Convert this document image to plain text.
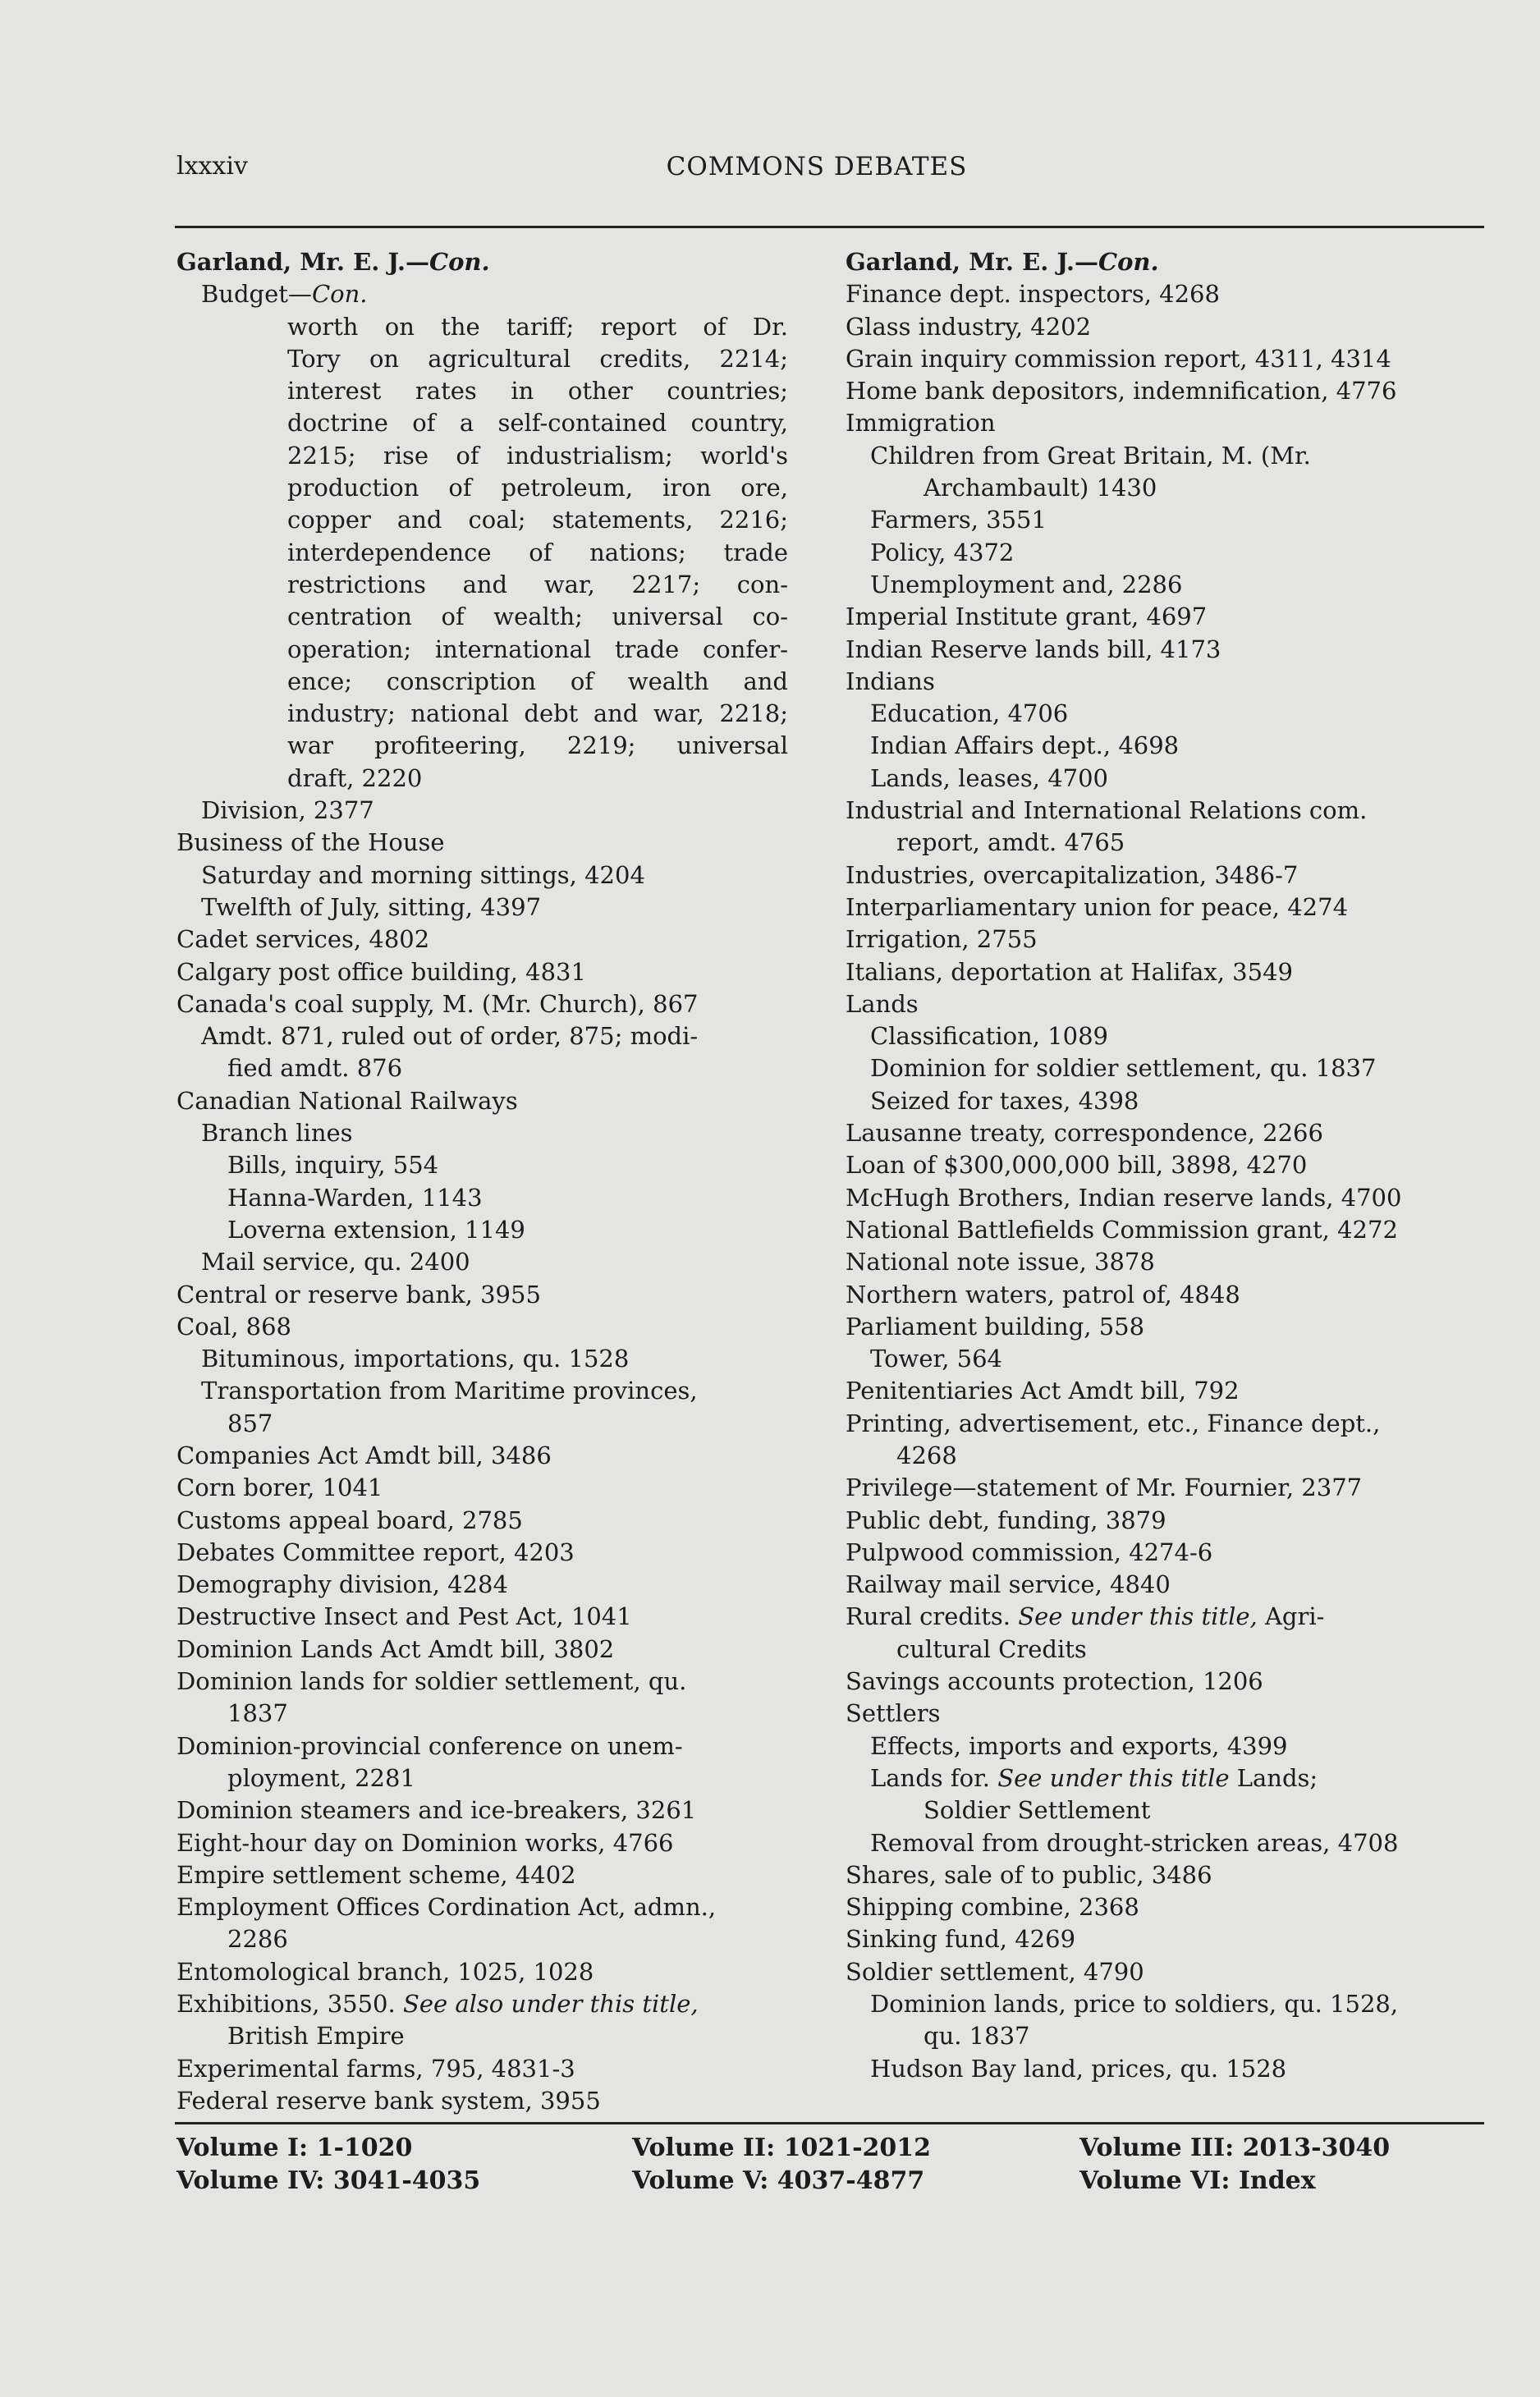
lxxxiv	COMMONS DEBATES
Garland, Mr. E. J.—Con.
Budget—Con.
worth on the tariff; report of Dr.
Tory on agricultural credits, 2214;
interest rates in other countries;
doctrine of a self-contained country,
2215; rise of industrialism; world's
production of petroleum, iron ore,
copper and coal; statements, 2216;
interdependence of nations; trade
restrictions and war, 2217; con-
centration of wealth; universal co-
operation; international trade confer-
ence; conscription of wealth and
industry; national debt and war, 2218;
war profiteering, 2219; universal
draft, 2220
Division, 2377
Business of the House
Saturday and morning sittings, 4204
Twelfth of July, sitting, 4397
Cadet services, 4802
Calgary post office building, 4831
Canada's coal supply, M. (Mr. Church), 867
Amdt. 871, ruled out of order, 875; modi-
fied amdt. 876
Canadian National Railways
Branch lines
Bills, inquiry, 554
Hanna-Warden, 1143
Loverna extension, 1149
Mail service, qu. 2400
Central or reserve bank, 3955
Coal, 868
Bituminous, importations, qu. 1528
Transportation from Maritime provinces,
857
Companies Act Amdt bill, 3486
Corn borer, 1041
Customs appeal board, 2785
Debates Committee report, 4203
Demography division, 4284
Destructive Insect and Pest Act, 1041
Dominion Lands Act Amdt bill, 3802
Dominion lands for soldier settlement, qu.
1837
Dominion-provincial conference on unem-
ployment, 2281
Dominion steamers and ice-breakers, 3261
Eight-hour day on Dominion works, 4766
Empire settlement scheme, 4402
Employment Offices Cordination Act, admn.,
2286
Entomological branch, 1025, 1028
Exhibitions, 3550. See also under this title,
British Empire
Experimental farms, 795, 4831-3
Federal reserve bank system, 3955
Garland, Mr. E. J.—Con.
Finance dept. inspectors, 4268
Glass industry, 4202
Grain inquiry commission report, 4311, 4314
Home bank depositors, indemnification, 4776
Immigration
Children from Great Britain, M. (Mr.
Archambault) 1430
Farmers, 3551
Policy, 4372
Unemployment and, 2286
Imperial Institute grant, 4697
Indian Reserve lands bill, 4173
Indians
Education, 4706
Indian Affairs dept., 4698
Lands, leases, 4700
Industrial and International Relations com.
report, amdt. 4765
Industries, overcapitalization, 3486-7
Interparliamentary union for peace, 4274
Irrigation, 2755
Italians, deportation at Halifax, 3549
Lands
Classification, 1089
Dominion for soldier settlement, qu. 1837
Seized for taxes, 4398
Lausanne treaty, correspondence, 2266
Loan of $300,000,000 bill, 3898, 4270
McHugh Brothers, Indian reserve lands, 4700
National Battlefields Commission grant, 4272
National note issue, 3878
Northern waters, patrol of, 4848
Parliament building, 558
Tower, 564
Penitentiaries Act Amdt bill, 792
Printing, advertisement, etc., Finance dept.,
4268
Privilege—statement of Mr. Fournier, 2377
Public debt, funding, 3879
Pulpwood commission, 4274-6
Railway mail service, 4840
Rural credits. See under this title, Agri-
cultural Credits
Savings accounts protection, 1206
Settlers
Effects, imports and exports, 4399
Lands for. See under this title Lands;
Soldier Settlement
Removal from drought-stricken areas, 4708
Shares, sale of to public, 3486
Shipping combine, 2368
Sinking fund, 4269
Soldier settlement, 4790
Dominion lands, price to soldiers, qu. 1528,
qu. 1837
Hudson Bay land, prices, qu. 1528
Volume I: 1-1020	Volume II: 1021-2012	Volume III: 2013-3040
Volume IV: 3041-4035	Volume V: 4037-4877	Volume VI: Index
